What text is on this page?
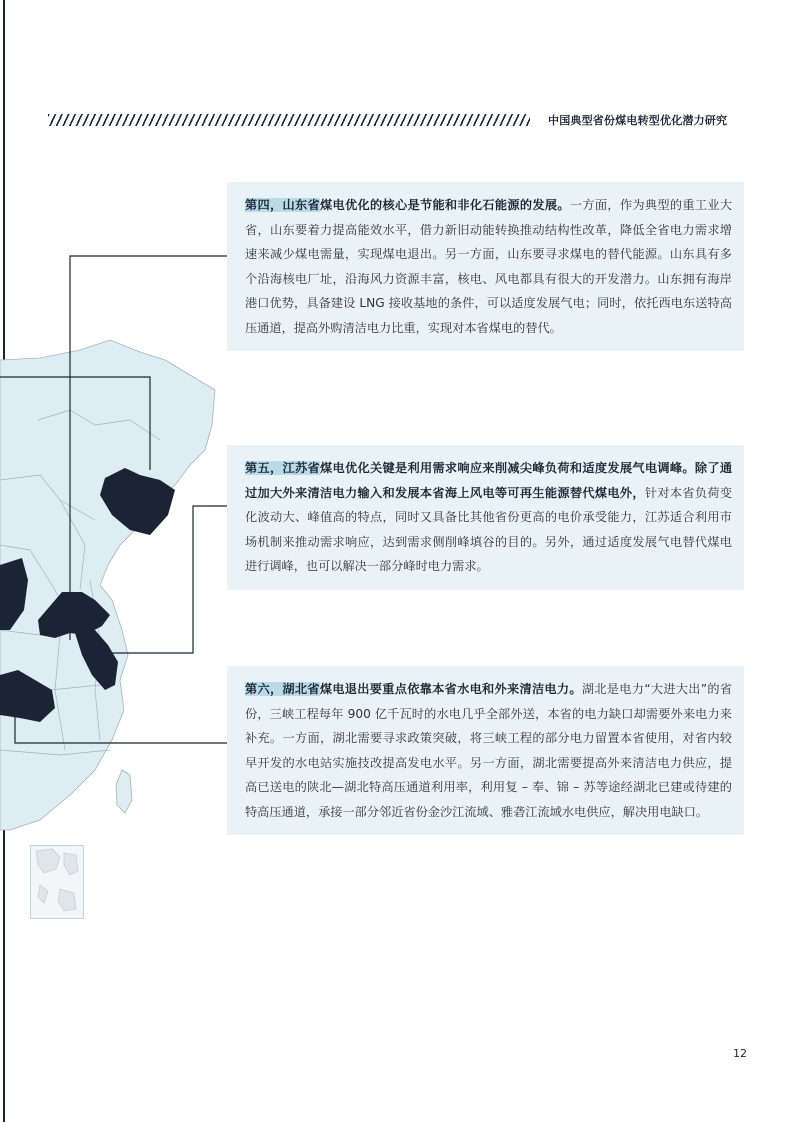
中国典型省份煤电转型优化潜力研究

第四，山东省煤电优化的核心是节能和非化石能源的发展。一方面，作为典型的重工业大省，山东要着力提高能效水平，借力新旧动能转换推动结构性改革，降低全省电力需求增速来减少煤电需量，实现煤电退出。另一方面，山东要寻求煤电的替代能源。山东具有多个沿海核电厂址，沿海风力资源丰富，核电、风电都具有很大的开发潜力。山东拥有海岸港口优势，具备建设 LNG 接收基地的条件，可以适度发展气电；同时，依托西电东送特高压通道，提高外购清洁电力比重，实现对本省煤电的替代。

第五，江苏省煤电优化关键是利用需求响应来削减尖峰负荷和适度发展气电调峰。除了通过加大外来清洁电力输入和发展本省海上风电等可再生能源替代煤电外，针对本省负荷变化波动大、峰值高的特点，同时又具备比其他省份更高的电价承受能力，江苏适合利用市场机制来推动需求响应，达到需求侧削峰填谷的目的。另外，通过适度发展气电替代煤电进行调峰，也可以解决一部分峰时电力需求。

第六，湖北省煤电退出要重点依靠本省水电和外来清洁电力。湖北是电力“大进大出”的省份，三峡工程每年 900 亿千瓦时的水电几乎全部外送，本省的电力缺口却需要外来电力来补充。一方面，湖北需要寻求政策突破，将三峡工程的部分电力留置本省使用，对省内较早开发的水电站实施技改提高发电水平。另一方面，湖北需要提高外来清洁电力供应，提高已送电的陕北—湖北特高压通道利用率，利用复 – 奉、锦 – 苏等途经湖北已建或待建的特高压通道，承接一部分邻近省份金沙江流域、雅砻江流域水电供应，解决用电缺口。

12
